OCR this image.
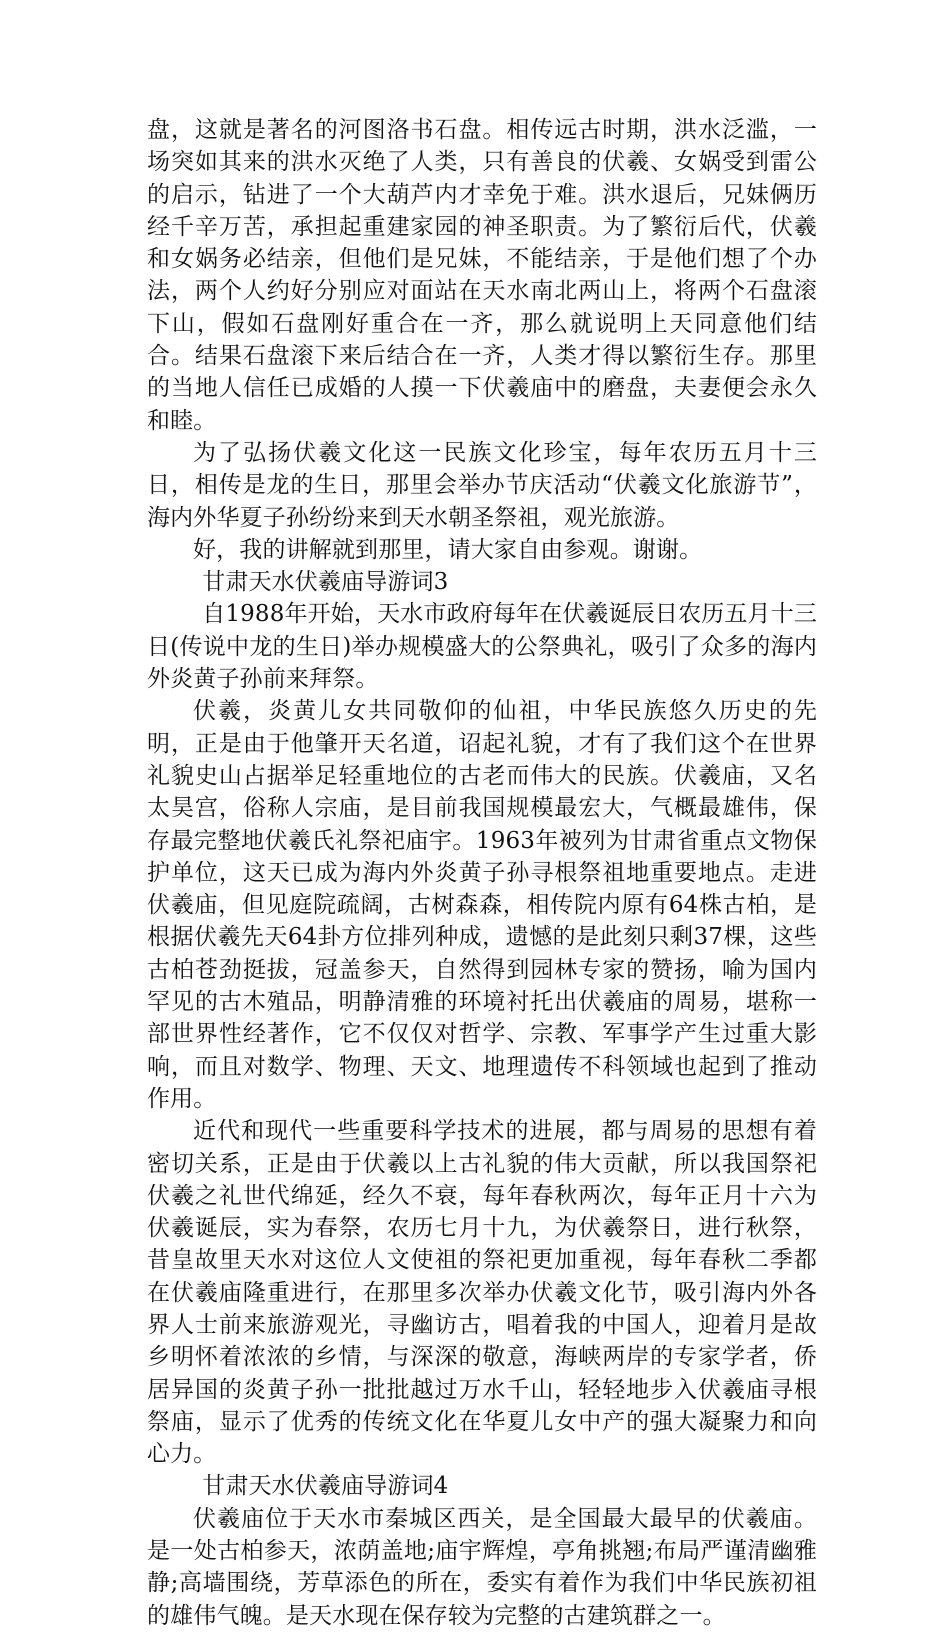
盘，这就是著名的河图洛书石盘。相传远古时期，洪水泛滥，一场突如其来的洪水灭绝了人类，只有善良的伏羲、女娲受到雷公的启示，钻进了一个大葫芦内才幸免于难。洪水退后，兄妹俩历经千辛万苦，承担起重建家园的神圣职责。为了繁衍后代，伏羲和女娲务必结亲，但他们是兄妹，不能结亲，于是他们想了个办法，两个人约好分别应对面站在天水南北两山上，将两个石盘滚下山，假如石盘刚好重合在一齐，那么就说明上天同意他们结合。结果石盘滚下来后结合在一齐，人类才得以繁衍生存。那里的当地人信任已成婚的人摸一下伏羲庙中的磨盘，夫妻便会永久和睦。

为了弘扬伏羲文化这一民族文化珍宝，每年农历五月十三日，相传是龙的生日，那里会举办节庆活动“伏羲文化旅游节”，海内外华夏子孙纷纷来到天水朝圣祭祖，观光旅游。

好，我的讲解就到那里，请大家自由参观。谢谢。

甘肃天水伏羲庙导游词3

自1988年开始，天水市政府每年在伏羲诞辰日农历五月十三日(传说中龙的生日)举办规模盛大的公祭典礼，吸引了众多的海内外炎黄子孙前来拜祭。

伏羲，炎黄儿女共同敬仰的仙祖，中华民族悠久历史的先明，正是由于他肇开天名道，诏起礼貌，才有了我们这个在世界礼貌史山占据举足轻重地位的古老而伟大的民族。伏羲庙，又名太昊宫，俗称人宗庙，是目前我国规模最宏大，气概最雄伟，保存最完整地伏羲氏礼祭祀庙宇。1963年被列为甘肃省重点文物保护单位，这天已成为海内外炎黄子孙寻根祭祖地重要地点。走进伏羲庙，但见庭院疏阔，古树森森，相传院内原有64株古柏，是根据伏羲先天64卦方位排列种成，遗憾的是此刻只剩37棵，这些古柏苍劲挺拔，冠盖参天，自然得到园林专家的赞扬，喻为国内罕见的古木殖品，明静清雅的环境衬托出伏羲庙的周易，堪称一部世界性经著作，它不仅仅对哲学、宗教、军事学产生过重大影响，而且对数学、物理、天文、地理遗传不科领域也起到了推动作用。

近代和现代一些重要科学技术的进展，都与周易的思想有着密切关系，正是由于伏羲以上古礼貌的伟大贡献，所以我国祭祀伏羲之礼世代绵延，经久不衰，每年春秋两次，每年正月十六为伏羲诞辰，实为春祭，农历七月十九，为伏羲祭日，进行秋祭，昔皇故里天水对这位人文使祖的祭祀更加重视，每年春秋二季都在伏羲庙隆重进行，在那里多次举办伏羲文化节，吸引海内外各界人士前来旅游观光，寻幽访古，唱着我的中国人，迎着月是故乡明怀着浓浓的乡情，与深深的敬意，海峡两岸的专家学者，侨居异国的炎黄子孙一批批越过万水千山，轻轻地步入伏羲庙寻根祭庙，显示了优秀的传统文化在华夏儿女中产的强大凝聚力和向心力。

甘肃天水伏羲庙导游词4

伏羲庙位于天水市秦城区西关，是全国最大最早的伏羲庙。是一处古柏参天，浓荫盖地;庙宇辉煌，亭角挑翘;布局严谨清幽雅静;高墙围绕，芳草添色的所在，委实有着作为我们中华民族初祖的雄伟气魄。是天水现在保存较为完整的古建筑群之一。
